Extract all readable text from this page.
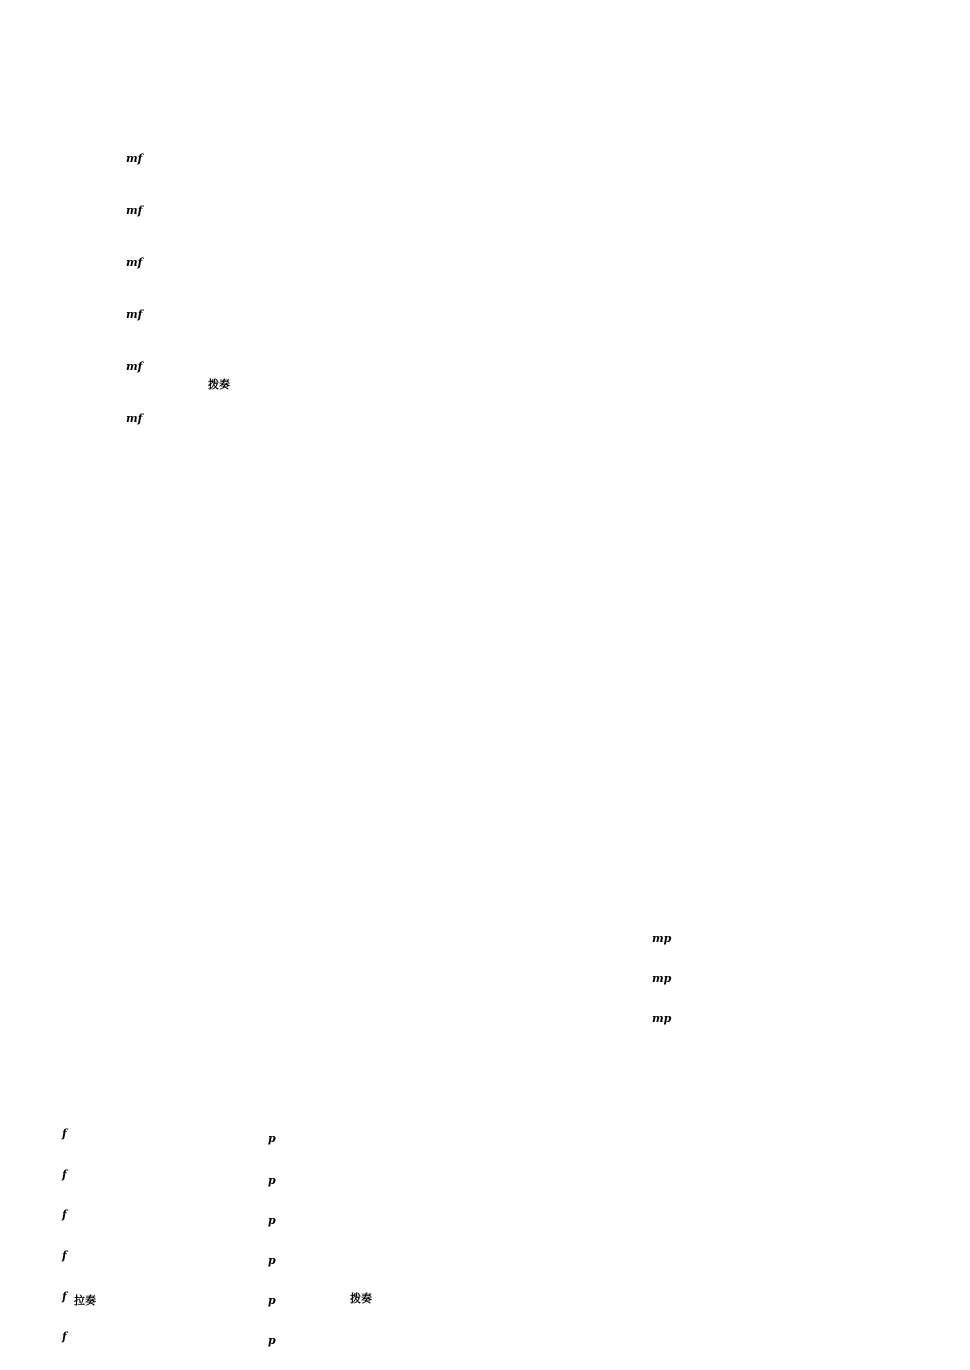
mf
mf
mf
mf
mf
mf
mp
mp
mp
f
f
f
f
f
f
p
p
p
p
p
p
拨奏
拉奏	拨奏
